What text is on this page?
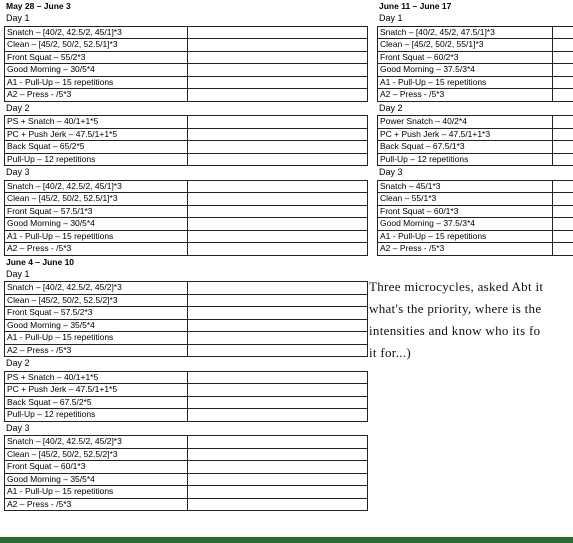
May 28 – June 3
Day 1
Snatch – [40/2, 42.5/2, 45/1]*3	
Clean – [45/2, 50/2, 52.5/1]*3	
Front Squat – 55/2*3	
Good Morning – 30/5*4	
A1 - Pull-Up – 15 repetitions	
A2 – Press - /5*3	
Day 2
PS + Snatch – 40/1+1*5	
PC + Push Jerk – 47.5/1+1*5	
Back Squat – 65/2*5	
Pull-Up – 12 repetitions	
Day 3
Snatch – [40/2, 42.5/2, 45/1]*3	
Clean – [45/2, 50/2, 52.5/1]*3	
Front Squat – 57.5/1*3	
Good Morning – 30/5*4	
A1 - Pull-Up – 15 repetitions	
A2 – Press - /5*3	
June 4 – June 10
Day 1
Snatch – [40/2, 42.5/2, 45/2]*3	
Clean – [45/2, 50/2, 52.5/2]*3	
Front Squat – 57.5/2*3	
Good Morning – 35/5*4	
A1 - Pull-Up – 15 repetitions	
A2 – Press - /5*3	
Day 2
PS + Snatch – 40/1+1*5	
PC + Push Jerk – 47.5/1+1*5	
Back Squat – 67.5/2*5	
Pull-Up – 12 repetitions	
Day 3
Snatch – [40/2, 42.5/2, 45/2]*3	
Clean – [45/2, 50/2, 52.5/2]*3	
Front Squat – 60/1*3	
Good Morning – 35/5*4	
A1 - Pull-Up – 15 repetitions	
A2 – Press - /5*3	
June 11 – June 17
Day 1
Snatch – [40/2, 45/2, 47.5/1]*3	
Clean – [45/2, 50/2, 55/1]*3	
Front Squat – 60/2*3	
Good Morning – 37.5/3*4	
A1 - Pull-Up – 15 repetitions	
A2 – Press - /5*3	
Day 2
Power Snatch – 40/2*4	
PC + Push Jerk – 47.5/1+1*3	
Back Squat – 67.5/1*3	
Pull-Up – 12 repetitions	
Day 3
Snatch – 45/1*3	
Clean – 55/1*3	
Front Squat – 60/1*3	
Good Morning – 37.5/3*4	
A1 - Pull-Up – 15 repetitions	
A2 – Press - /5*3	
Three microcycles, asked Abt it
what's the priority, where is the
intensities and know who its fo
it for...)
